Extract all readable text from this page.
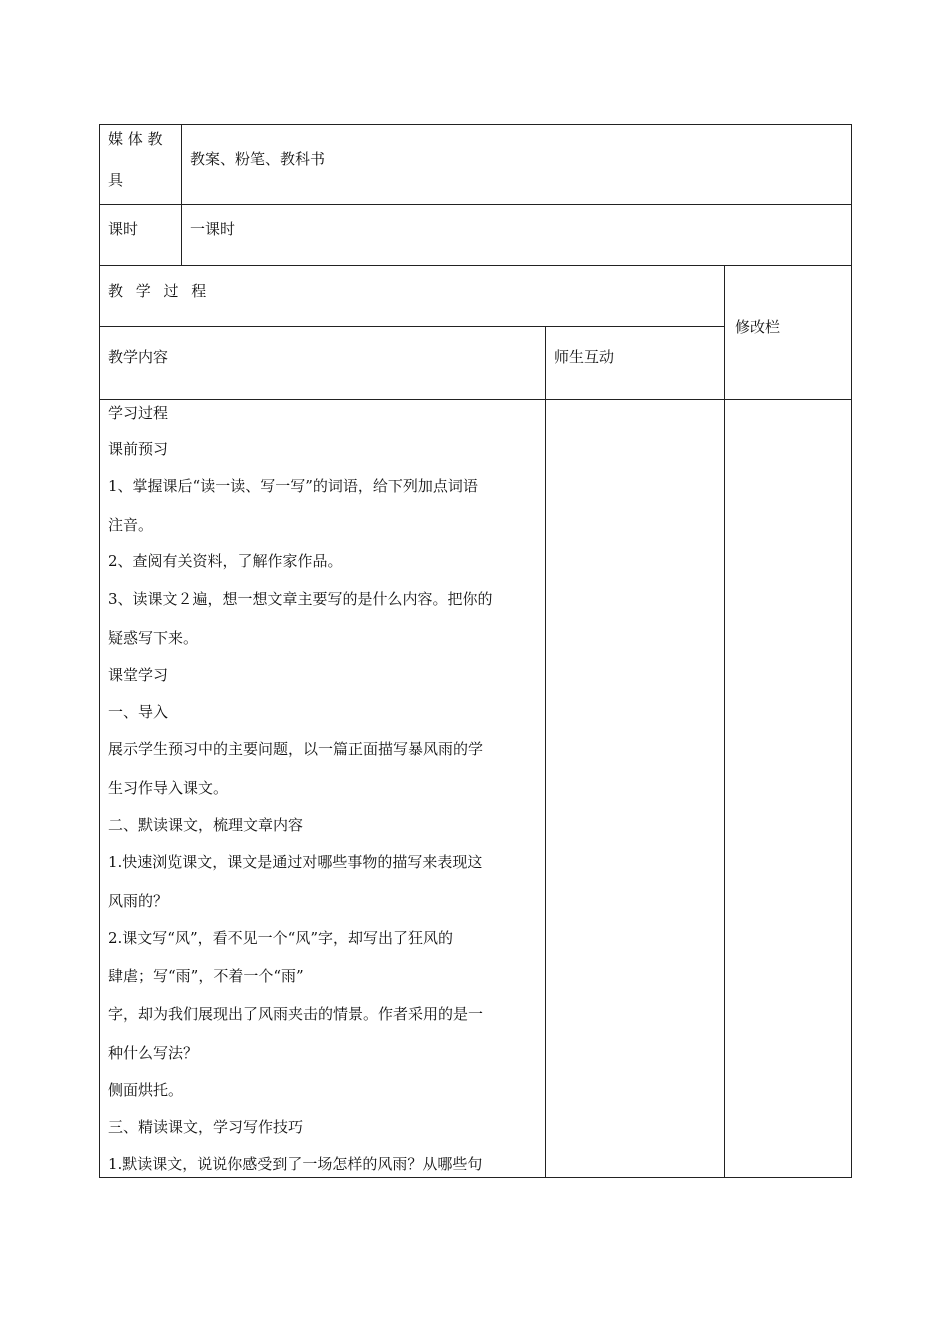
媒 体 教
具
教案、粉笔、教科书
课时	一课时
教 学 过 程
修改栏
教学内容	师生互动
学习过程
课前预习
1、掌握课后“读一读、写一写”的词语，给下列加点词语
注音。
2、查阅有关资料，了解作家作品。
3、读课文２遍，想一想文章主要写的是什么内容。把你的
疑惑写下来。
课堂学习
一、导入
展示学生预习中的主要问题，以一篇正面描写暴风雨的学
生习作导入课文。
二、默读课文，梳理文章内容
1.快速浏览课文，课文是通过对哪些事物的描写来表现这
风雨的？
2.课文写“风”，看不见一个“风”字，却写出了狂风的
肆虐；写“雨”，不着一个“雨”
字，却为我们展现出了风雨夹击的情景。作者采用的是一
种什么写法？
侧面烘托。
三、精读课文，学习写作技巧
1.默读课文，说说你感受到了一场怎样的风雨？从哪些句
